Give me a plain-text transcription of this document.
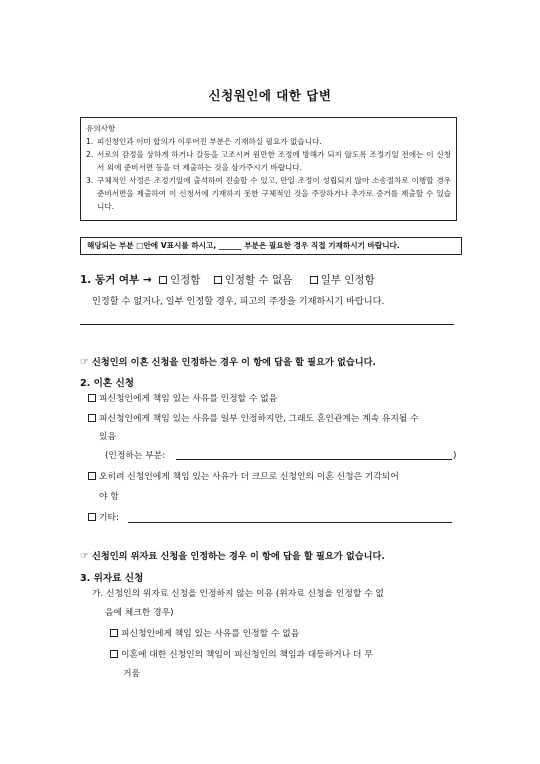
신청원인에 대한 답변
유의사항
1. 피신청인과 이미 합의가 이루어진 부분은 기재하실 필요가 없습니다.
2. 서로의 감정을 상하게 하거나 갈등을 고조시켜 원만한 조정에 방해가 되지 않도록 조정기일 전에는 이 신청서 외에 준비서면 등을 더 제출하는 것을 삼가주시기 바랍니다.
3. 구체적인 사정은 조정기일에 출석하여 진술할 수 있고, 만일 조정이 성립되지 않아 소송절차로 이행할 경우 준비서면을 제출하여 이 신청서에 기재하지 못한 구체적인 것을 주장하거나 추가로 증거를 제출할 수 있습니다.
해당되는 부분 □안에 V표시를 하시고, ______ 부분은 필요한 경우 직접 기재하시기 바랍니다.
1. 동거 여부 → 인정함 인정할 수 없음	일부 인정함
인정할 수 없거나, 일부 인정할 경우, 피고의 주장을 기재하시기 바랍니다.
☞ 신청인의 이혼 신청을 인정하는 경우 이 항에 답을 할 필요가 없습니다.
2. 이혼 신청
피신청인에게 책임 있는 사유를 인정할 수 없음
피신청인에게 책임 있는 사유를 일부 인정하지만, 그래도 혼인관계는 계속 유지될 수
있음
(인정하는 부분:	)
오히려 신청인에게 책임 있는 사유가 더 크므로 신청인의 이혼 신청은 기각되어
야 함
기타:
☞ 신청인의 위자료 신청을 인정하는 경우 이 항에 답을 할 필요가 없습니다.
3. 위자료 신청
가. 신청인의 위자료 신청을 인정하지 않는 이유 (위자료 신청을 인정할 수 없
음에 체크한 경우)
피신청인에게 책임 있는 사유를 인정할 수 없음
이혼에 대한 신청인의 책임이 피신청인의 책임과 대등하거나 더 무
거움
